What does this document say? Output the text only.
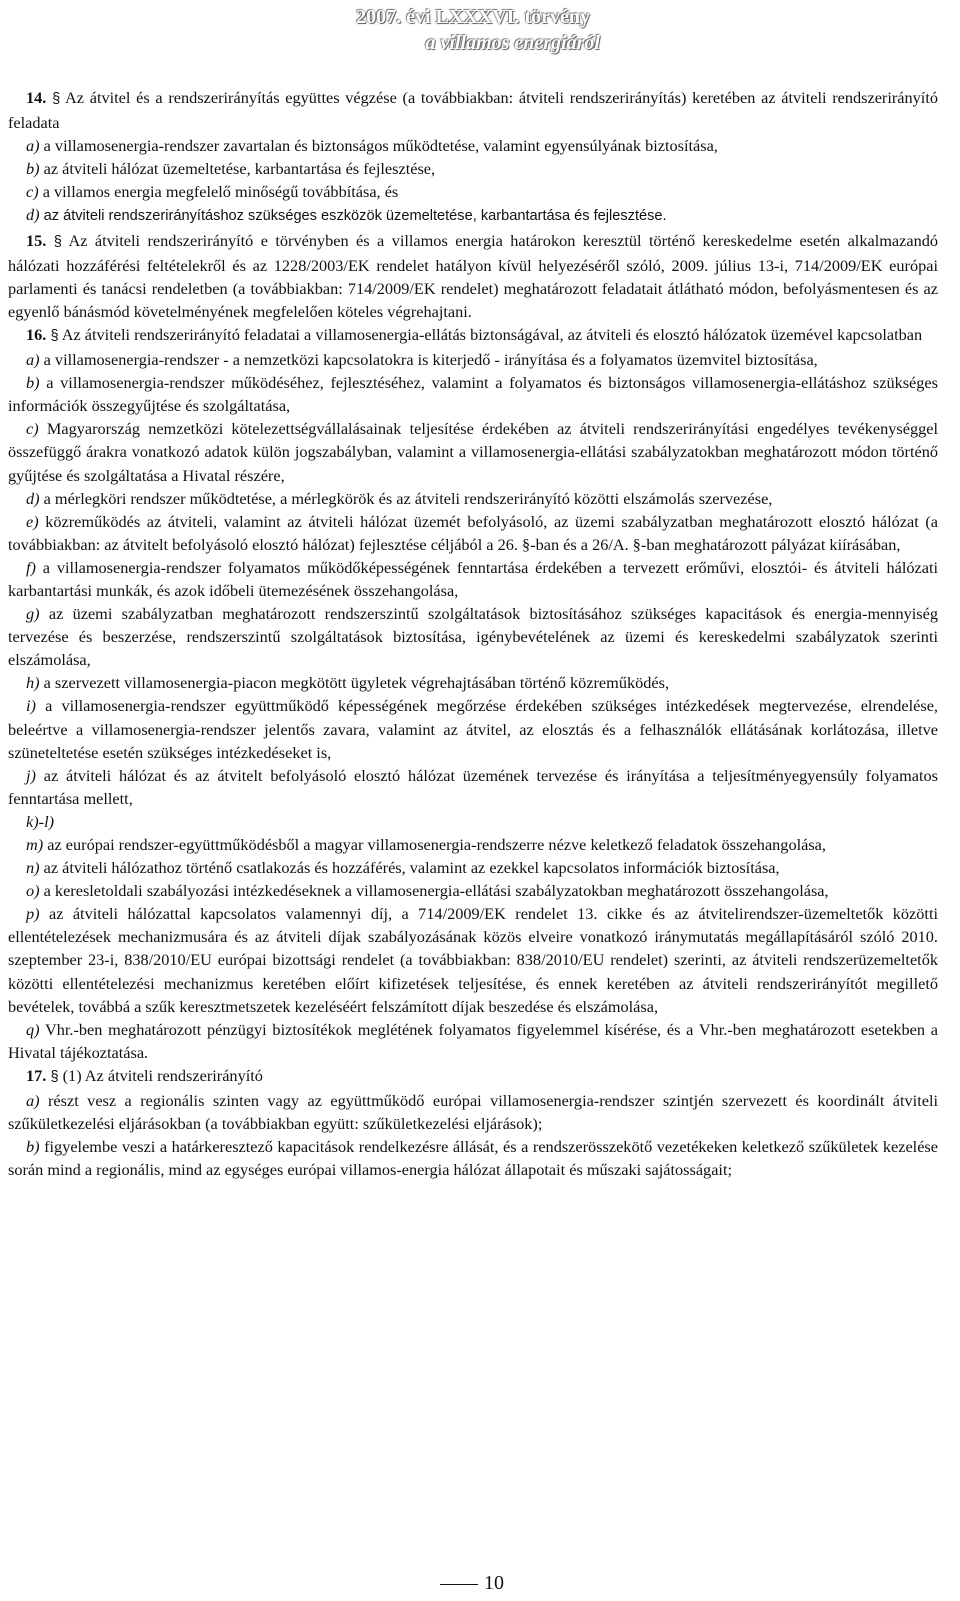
2007. évi LXXXVI. törvény
a villamos energiáról

14. § Az átvitel és a rendszerirányítás együttes végzése (a továbbiakban: átviteli rendszerirányítás) keretében az átviteli rendszerirányító feladata

a) a villamosenergia-rendszer zavartalan és biztonságos működtetése, valamint egyensúlyának biztosítása,

b) az átviteli hálózat üzemeltetése, karbantartása és fejlesztése,

c) a villamos energia megfelelő minőségű továbbítása, és

d) az átviteli rendszerirányításhoz szükséges eszközök üzemeltetése, karbantartása és fejlesztése.

15. § Az átviteli rendszerirányító e törvényben és a villamos energia határokon keresztül történő kereskedelme esetén alkalmazandó hálózati hozzáférési feltételekről és az 1228/2003/EK rendelet hatályon kívül helyezéséről szóló, 2009. július 13-i, 714/2009/EK európai parlamenti és tanácsi rendeletben (a továbbiakban: 714/2009/EK rendelet) meghatározott feladatait átlátható módon, befolyásmentesen és az egyenlő bánásmód követelményének megfelelően köteles végrehajtani.

16. § Az átviteli rendszerirányító feladatai a villamosenergia-ellátás biztonságával, az átviteli és elosztó hálózatok üzemével kapcsolatban

a) a villamosenergia-rendszer - a nemzetközi kapcsolatokra is kiterjedő - irányítása és a folyamatos üzemvitel biztosítása,

b) a villamosenergia-rendszer működéséhez, fejlesztéséhez, valamint a folyamatos és biztonságos villamosenergia-ellátáshoz szükséges információk összegyűjtése és szolgáltatása,

c) Magyarország nemzetközi kötelezettségvállalásainak teljesítése érdekében az átviteli rendszerirányítási engedélyes tevékenységgel összefüggő árakra vonatkozó adatok külön jogszabályban, valamint a villamosenergia-ellátási szabályzatokban meghatározott módon történő gyűjtése és szolgáltatása a Hivatal részére,

d) a mérlegköri rendszer működtetése, a mérlegkörök és az átviteli rendszerirányító közötti elszámolás szervezése,

e) közreműködés az átviteli, valamint az átviteli hálózat üzemét befolyásoló, az üzemi szabályzatban meghatározott elosztó hálózat (a továbbiakban: az átvitelt befolyásoló elosztó hálózat) fejlesztése céljából a 26. §-ban és a 26/A. §-ban meghatározott pályázat kiírásában,

f) a villamosenergia-rendszer folyamatos működőképességének fenntartása érdekében a tervezett erőművi, elosztói- és átviteli hálózati karbantartási munkák, és azok időbeli ütemezésének összehangolása,

g) az üzemi szabályzatban meghatározott rendszerszintű szolgáltatások biztosításához szükséges kapacitások és energia-mennyiség tervezése és beszerzése, rendszerszintű szolgáltatások biztosítása, igénybevételének az üzemi és kereskedelmi szabályzatok szerinti elszámolása,

h) a szervezett villamosenergia-piacon megkötött ügyletek végrehajtásában történő közreműködés,

i) a villamosenergia-rendszer együttműködő képességének megőrzése érdekében szükséges intézkedések megtervezése, elrendelése, beleértve a villamosenergia-rendszer jelentős zavara, valamint az átvitel, az elosztás és a felhasználók ellátásának korlátozása, illetve szüneteltetése esetén szükséges intézkedéseket is,

j) az átviteli hálózat és az átvitelt befolyásoló elosztó hálózat üzemének tervezése és irányítása a teljesítményegyensúly folyamatos fenntartása mellett,

k)-l)

m) az európai rendszer-együttműködésből a magyar villamosenergia-rendszerre nézve keletkező feladatok összehangolása,

n) az átviteli hálózathoz történő csatlakozás és hozzáférés, valamint az ezekkel kapcsolatos információk biztosítása,

o) a keresletoldali szabályozási intézkedéseknek a villamosenergia-ellátási szabályzatokban meghatározott összehangolása,

p) az átviteli hálózattal kapcsolatos valamennyi díj, a 714/2009/EK rendelet 13. cikke és az átvitelirendszer-üzemeltetők közötti ellentételezések mechanizmusára és az átviteli díjak szabályozásának közös elveire vonatkozó iránymutatás megállapításáról szóló 2010. szeptember 23-i, 838/2010/EU európai bizottsági rendelet (a továbbiakban: 838/2010/EU rendelet) szerinti, az átviteli rendszerüzemeltetők közötti ellentételezési mechanizmus keretében előírt kifizetések teljesítése, és ennek keretében az átviteli rendszerirányítót megillető bevételek, továbbá a szűk keresztmetszetek kezeléséért felszámított díjak beszedése és elszámolása,

q) Vhr.-ben meghatározott pénzügyi biztosítékok meglétének folyamatos figyelemmel kísérése, és a Vhr.-ben meghatározott esetekben a Hivatal tájékoztatása.

17. § (1) Az átviteli rendszerirányító

a) részt vesz a regionális szinten vagy az együttműködő európai villamosenergia-rendszer szintjén szervezett és koordinált átviteli szűkületkezelési eljárásokban (a továbbiakban együtt: szűkületkezelési eljárások);

b) figyelembe veszi a határkeresztező kapacitások rendelkezésre állását, és a rendszerösszekötő vezetékeken keletkező szűkületek kezelése során mind a regionális, mind az egységes európai villamos-energia hálózat állapotait és műszaki sajátosságait;

10
